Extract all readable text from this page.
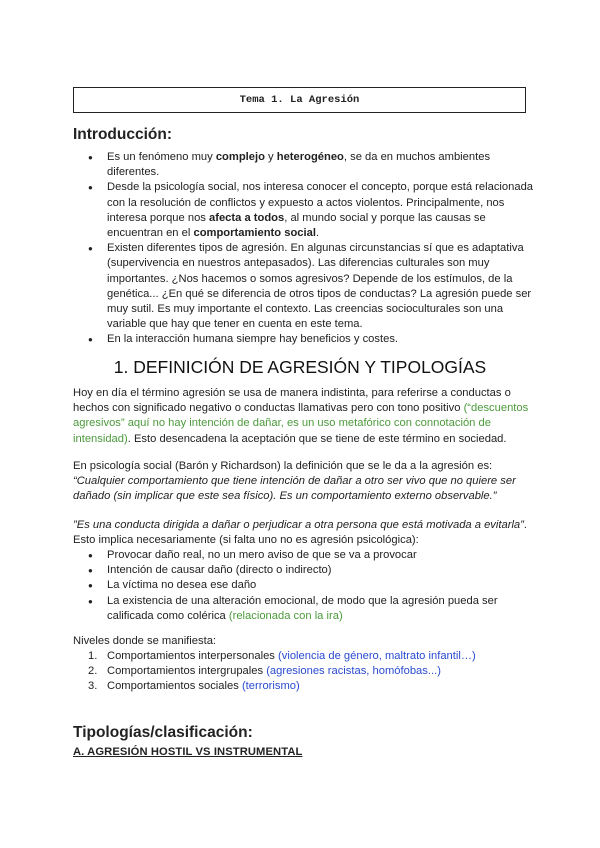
Tema 1. La Agresión
Introducción:
● Es un fenómeno muy complejo y heterogéneo, se da en muchos ambientes diferentes.
● Desde la psicología social, nos interesa conocer el concepto, porque está relacionada con la resolución de conflictos y expuesto a actos violentos. Principalmente, nos interesa porque nos afecta a todos, al mundo social y porque las causas se encuentran en el comportamiento social.
● Existen diferentes tipos de agresión. En algunas circunstancias sí que es adaptativa (supervivencia en nuestros antepasados). Las diferencias culturales son muy importantes. ¿Nos hacemos o somos agresivos? Depende de los estímulos, de la genética... ¿En qué se diferencia de otros tipos de conductas? La agresión puede ser muy sutil. Es muy importante el contexto. Las creencias socioculturales son una variable que hay que tener en cuenta en este tema.
● En la interacción humana siempre hay beneficios y costes.
1. DEFINICIÓN DE AGRESIÓN Y TIPOLOGÍAS

Hoy en día el término agresión se usa de manera indistinta, para referirse a conductas o hechos con significado negativo o conductas llamativas pero con tono positivo (“descuentos agresivos” aquí no hay intención de dañar, es un uso metafórico con connotación de intensidad). Esto desencadena la aceptación que se tiene de este término en sociedad.

En psicología social (Barón y Richardson) la definición que se le da a la agresión es:
“Cualquier comportamiento que tiene intención de dañar a otro ser vivo que no quiere ser dañado (sin implicar que este sea físico). Es un comportamiento externo observable.”

”Es una conducta dirigida a dañar o perjudicar a otra persona que está motivada a evitarla”.
Esto implica necesariamente (si falta uno no es agresión psicológica):

● Provocar daño real, no un mero aviso de que se va a provocar
● Intención de causar daño (directo o indirecto)
● La víctima no desea ese daño
● La existencia de una alteración emocional, de modo que la agresión pueda ser calificada como colérica (relacionada con la ira)

Niveles donde se manifiesta:

1. Comportamientos interpersonales (violencia de género, maltrato infantil…)
2. Comportamientos intergrupales (agresiones racistas, homófobas...)
3. Comportamientos sociales (terrorismo)
Tipologías/clasificación:

A. AGRESIÓN HOSTIL VS INSTRUMENTAL
